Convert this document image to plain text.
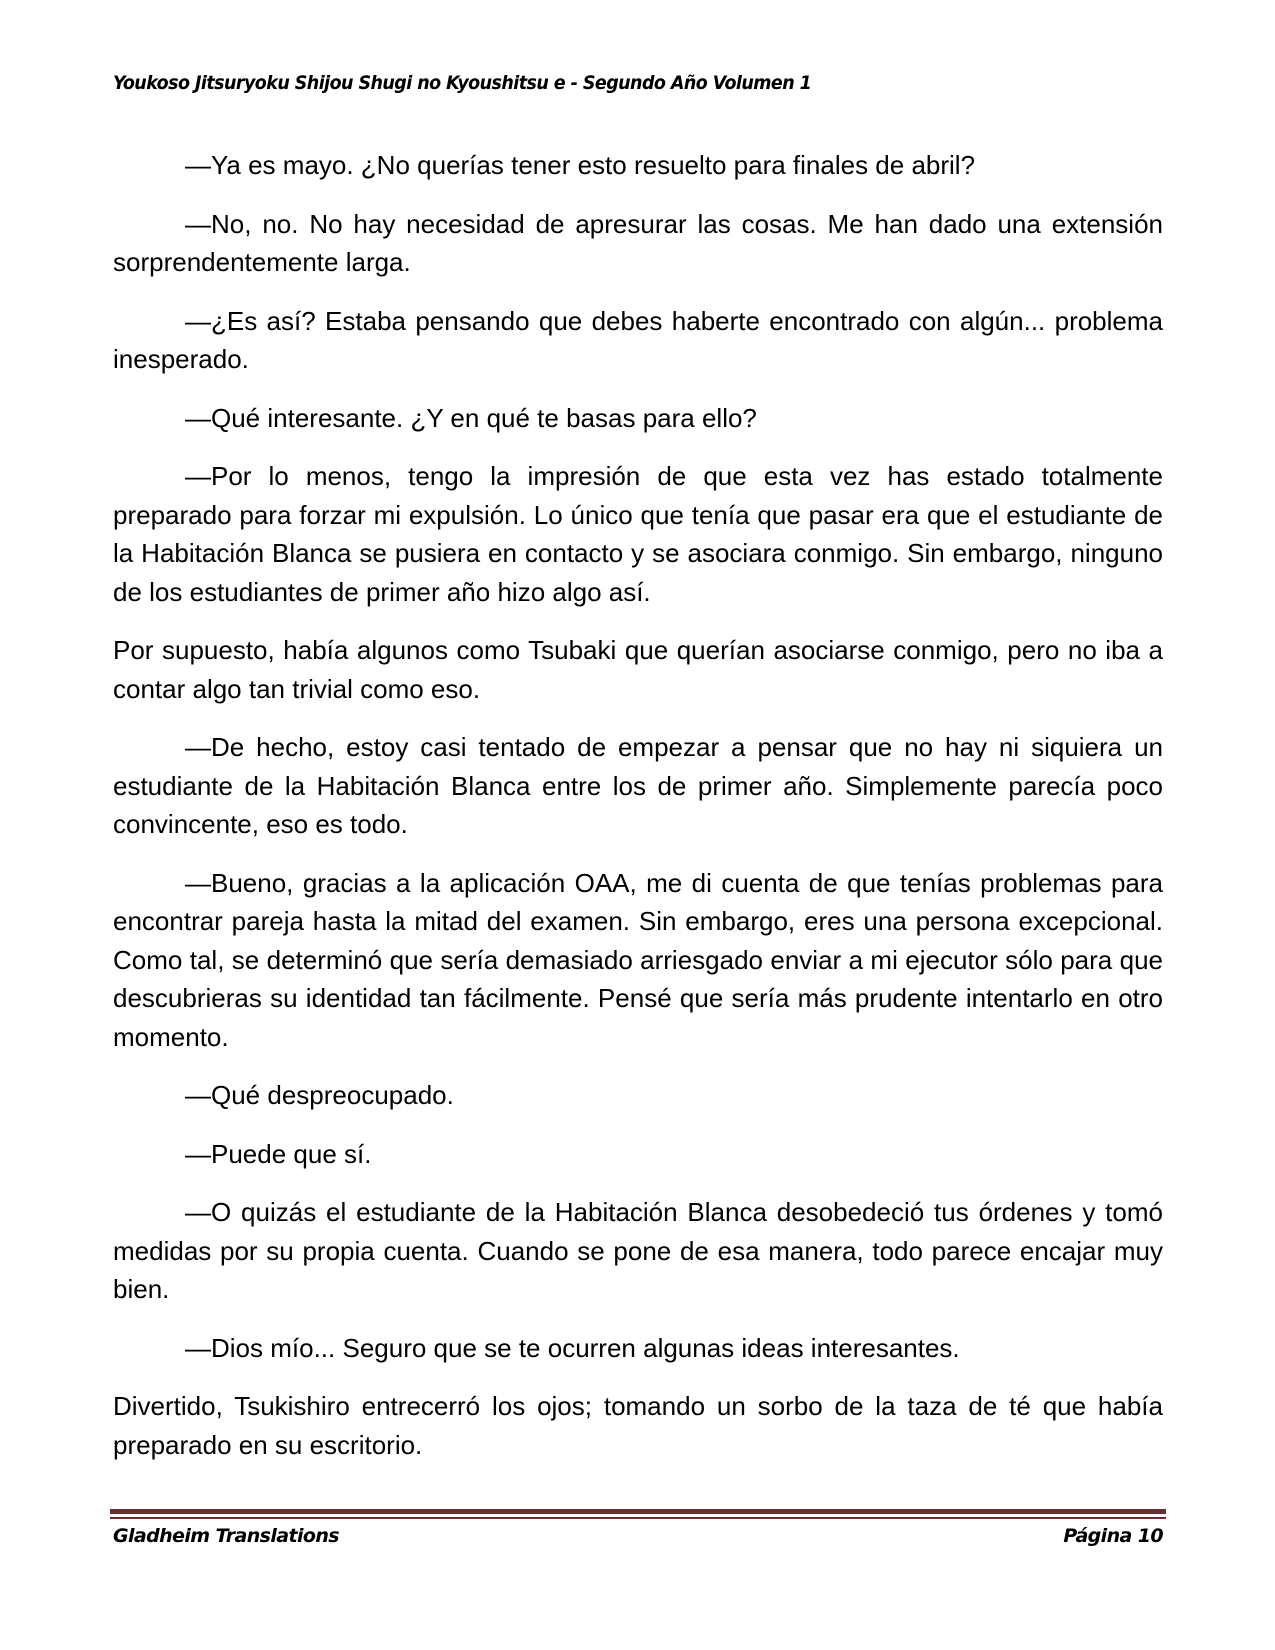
Youkoso Jitsuryoku Shijou Shugi no Kyoushitsu e - Segundo Año Volumen 1

—Ya es mayo. ¿No querías tener esto resuelto para finales de abril?

—No, no. No hay necesidad de apresurar las cosas. Me han dado una extensión sorprendentemente larga.

—¿Es así? Estaba pensando que debes haberte encontrado con algún... problema inesperado.

—Qué interesante. ¿Y en qué te basas para ello?

—Por lo menos, tengo la impresión de que esta vez has estado totalmente preparado para forzar mi expulsión. Lo único que tenía que pasar era que el estudiante de la Habitación Blanca se pusiera en contacto y se asociara conmigo. Sin embargo, ninguno de los estudiantes de primer año hizo algo así.

Por supuesto, había algunos como Tsubaki que querían asociarse conmigo, pero no iba a contar algo tan trivial como eso.

—De hecho, estoy casi tentado de empezar a pensar que no hay ni siquiera un estudiante de la Habitación Blanca entre los de primer año. Simplemente parecía poco convincente, eso es todo.

—Bueno, gracias a la aplicación OAA, me di cuenta de que tenías problemas para encontrar pareja hasta la mitad del examen. Sin embargo, eres una persona excepcional. Como tal, se determinó que sería demasiado arriesgado enviar a mi ejecutor sólo para que descubrieras su identidad tan fácilmente. Pensé que sería más prudente intentarlo en otro momento.

—Qué despreocupado.

—Puede que sí.

—O quizás el estudiante de la Habitación Blanca desobedeció tus órdenes y tomó medidas por su propia cuenta. Cuando se pone de esa manera, todo parece encajar muy bien.

—Dios mío... Seguro que se te ocurren algunas ideas interesantes.

Divertido, Tsukishiro entrecerró los ojos; tomando un sorbo de la taza de té que había preparado en su escritorio.

Gladheim Translations	Página 10
